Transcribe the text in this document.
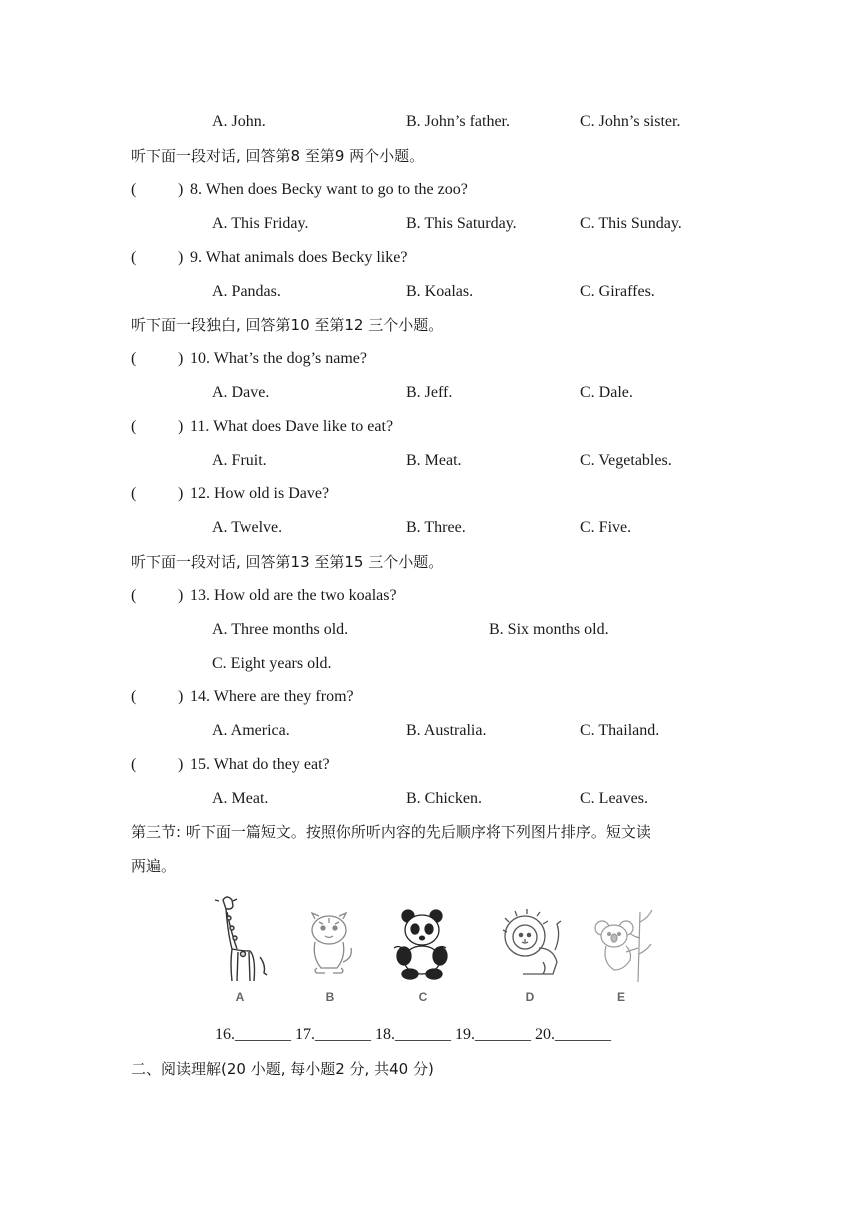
A. John.	B. John’s father.	C. John’s sister.
听下面一段对话, 回答第8 至第9 两个小题。
(	) 8. When does Becky want to go to the zoo?
A. This Friday.	B. This Saturday.	C. This Sunday.
(	) 9. What animals does Becky like?
A. Pandas.	B. Koalas.	C. Giraffes.
听下面一段独白, 回答第10 至第12 三个小题。
(	) 10. What’s the dog’s name?
A. Dave.	B. Jeff.	C. Dale.
(	) 11. What does Dave like to eat?
A. Fruit.	B. Meat.	C. Vegetables.
(	) 12. How old is Dave?
A. Twelve.	B. Three.	C. Five.
听下面一段对话, 回答第13 至第15 三个小题。
(	) 13. How old are the two koalas?
A. Three months old.	B. Six months old.
C. Eight years old.
(	) 14. Where are they from?
A. America.	B. Australia.	C. Thailand.
(	) 15. What do they eat?
A. Meat.	B. Chicken.	C. Leaves.
第三节: 听下面一篇短文。按照你所听内容的先后顺序将下列图片排序。短文读
两遍。
A	B	C	D	E
16._______ 17._______ 18._______ 19._______ 20._______
二、阅读理解(20 小题, 每小题2 分, 共40 分)
